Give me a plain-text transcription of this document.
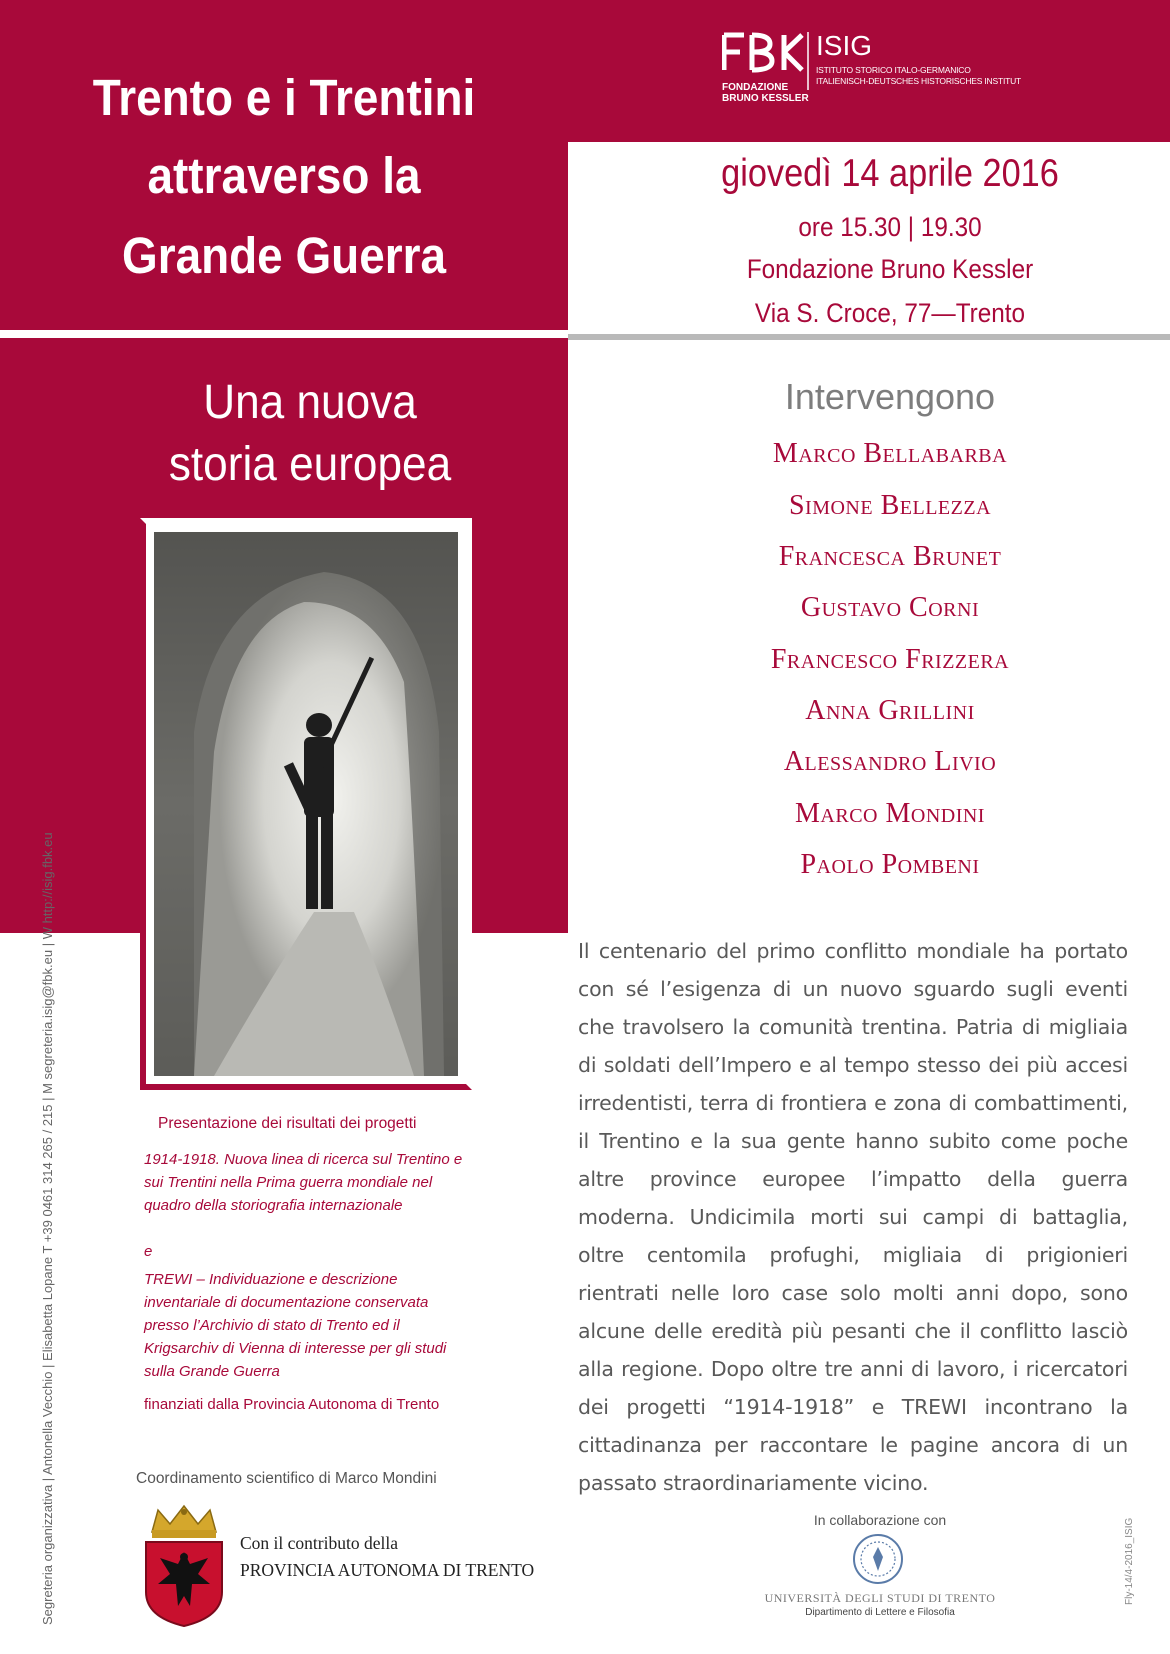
Trento e i Trentini
attraverso la
Grande Guerra
Una nuova
storia europea
FONDAZIONE
BRUNO KESSLER
ISIG
ISTITUTO STORICO ITALO-GERMANICO
ITALIENISCH-DEUTSCHES HISTORISCHES INSTITUT
giovedì 14 aprile 2016
ore 15.30 | 19.30
Fondazione Bruno Kessler
Via S. Croce, 77—Trento
Intervengono
Marco Bellabarba
Simone Bellezza
Francesca Brunet
Gustavo Corni
Francesco Frizzera
Anna Grillini
Alessandro Livio
Marco Mondini
Paolo Pombeni
Il centenario del primo conflitto mondiale ha portato con sé l’esigenza di un nuovo sguardo sugli eventi che travolsero la comunità trentina. Patria di migliaia di soldati dell’Impero e al tempo stesso dei più accesi irredentisti, terra di frontiera e zona di combattimenti, il Trentino e la sua gente hanno subito come poche altre province europee l’impatto della guerra moderna. Undicimila morti sui campi di battaglia, oltre centomila profughi, migliaia di prigionieri rientrati nelle loro case solo molti anni dopo, sono alcune delle eredità più pesanti che il conflitto lasciò alla regione. Dopo oltre tre anni di lavoro, i ricercatori dei progetti “1914-1918” e TREWI incontrano la cittadinanza per raccontare le pagine ancora di un passato straordinariamente vicino.
Presentazione dei risultati dei progetti
1914-1918. Nuova linea di ricerca sul Trentino e sui Trentini nella Prima guerra mondiale nel quadro della storiografia internazionale
e
TREWI – Individuazione e descrizione inventariale di documentazione conservata presso l’Archivio di stato di Trento ed il Krigsarchiv di Vienna di interesse per gli studi sulla Grande Guerra
finanziati dalla Provincia Autonoma di Trento
Coordinamento scientifico di Marco Mondini
Segreteria organizzativa | Antonella Vecchio | Elisabetta Lopane T +39 0461 314 265 / 215 | M segreteria.isig@fbk.eu | W http://isig.fbk.eu	Fly-14/4-2016_ISIG
Con il contributo della
PROVINCIA AUTONOMA DI TRENTO
In collaborazione con
UNIVERSITÀ DEGLI STUDI DI TRENTO
Dipartimento di Lettere e Filosofia
